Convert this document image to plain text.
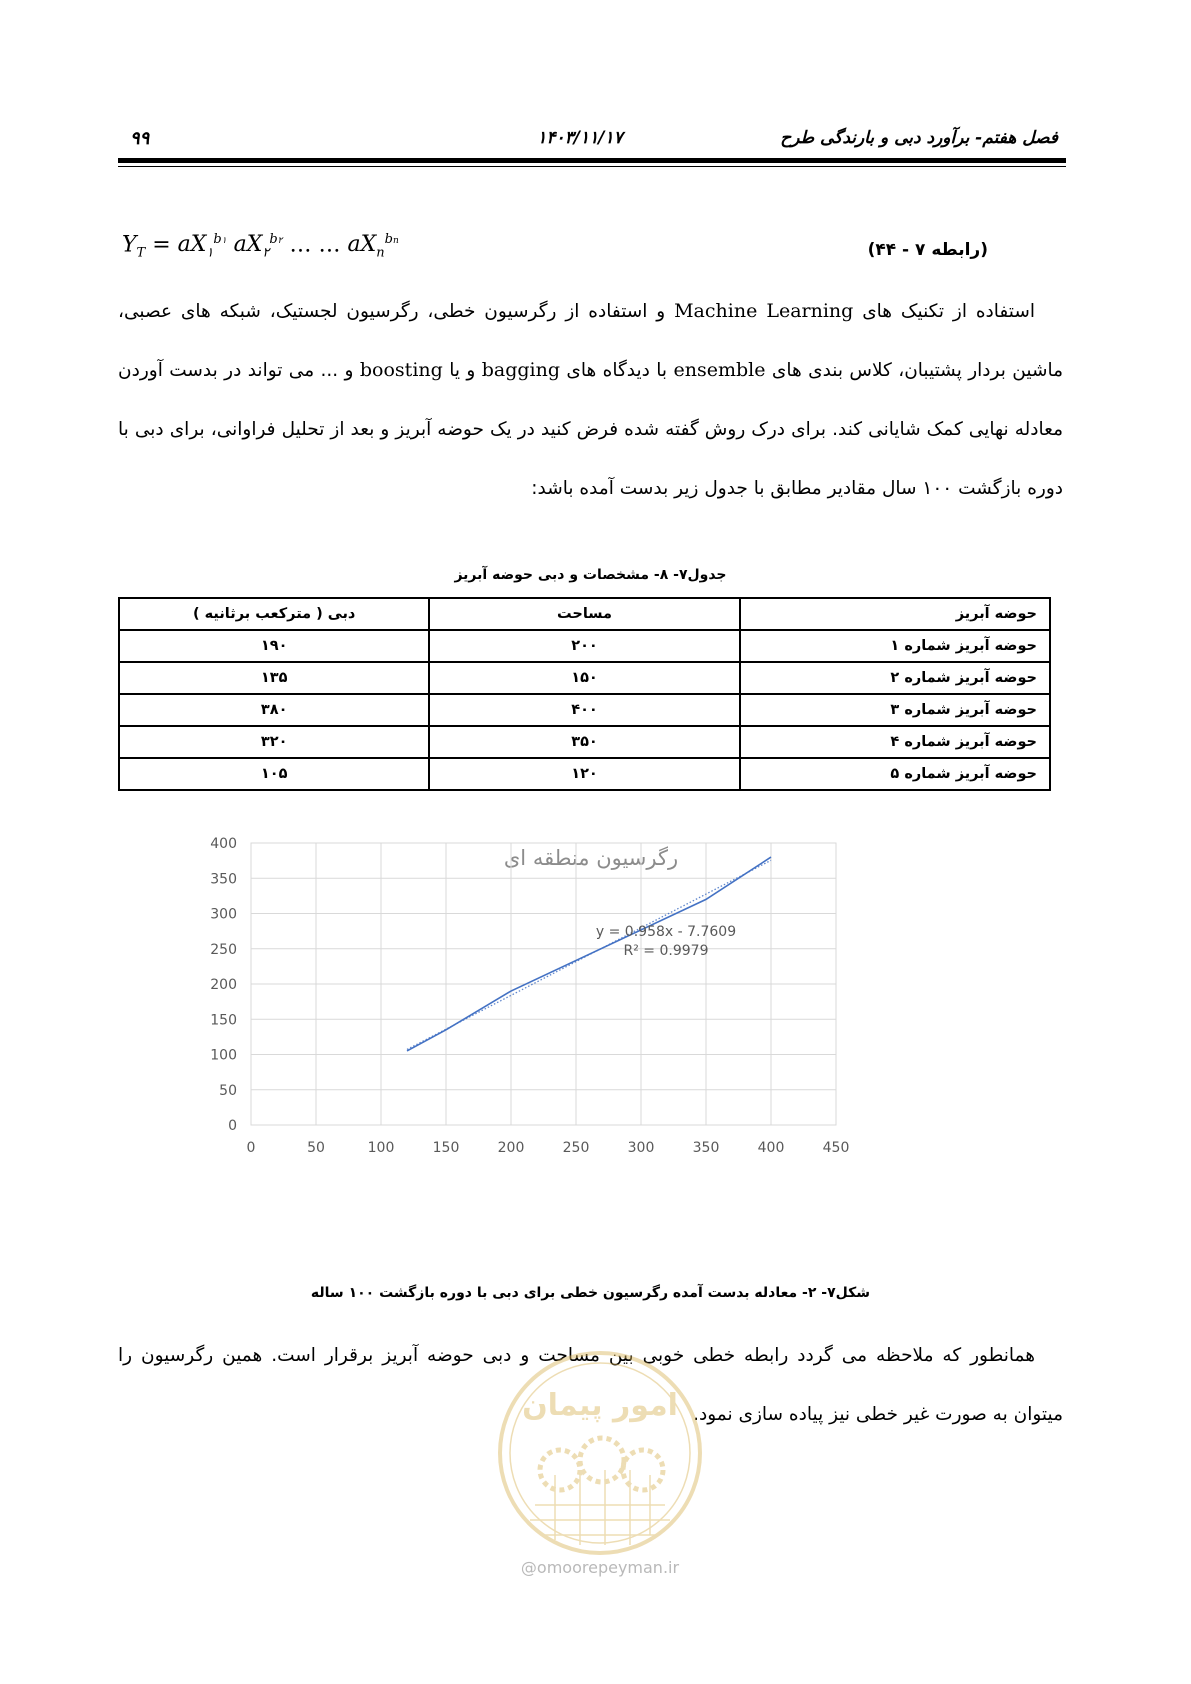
۹۹	۱۴۰۳/۱۱/۱۷	فصل هفتم- برآورد دبی و بارندگی طرح
$Y_T = aX_۱^{b۱}$ $aX_۲^{b۲}$ … … $aX_n^{bn}$	(رابطه ۷ - ۴۴)
استفاده از تکنیک های Machine Learning و استفاده از رگرسیون خطی، رگرسیون لجستیک، شبکه های عصبی، ماشین بردار پشتیبان، کلاس بندی های ensemble با دیدگاه های bagging و یا boosting و ... می تواند در بدست آوردن معادله نهایی کمک شایانی کند. برای درک روش گفته شده فرض کنید در یک حوضه آبریز و بعد از تحلیل فراوانی، برای دبی با دوره بازگشت ۱۰۰ سال مقادیر مطابق با جدول زیر بدست آمده باشد:
جدول۷- ۸- مشخصات و دبی حوضه آبریز
حوضه آبریز	مساحت	دبی ( مترکعب برثانیه )
حوضه آبریز شماره ۱	۲۰۰	۱۹۰
حوضه آبریز شماره ۲	۱۵۰	۱۳۵
حوضه آبریز شماره ۳	۴۰۰	۳۸۰
حوضه آبریز شماره ۴	۳۵۰	۳۲۰
حوضه آبریز شماره ۵	۱۲۰	۱۰۵
رگرسیون منطقه ای
0
50
100
150
200
250
300
350
400
0	50	100	150	200	250	300	350	400	450
y = 0.958x - 7.7609
R² = 0.9979
شکل۷- ۲- معادله بدست آمده رگرسیون خطی برای دبی با دوره بازگشت ۱۰۰ ساله
همانطور که ملاحظه می گردد رابطه خطی خوبی بین مساحت و دبی حوضه آبریز برقرار است. همین رگرسیون را میتوان به صورت غیر خطی نیز پیاده سازی نمود.
امور پیمان
@omoorepeyman.ir
